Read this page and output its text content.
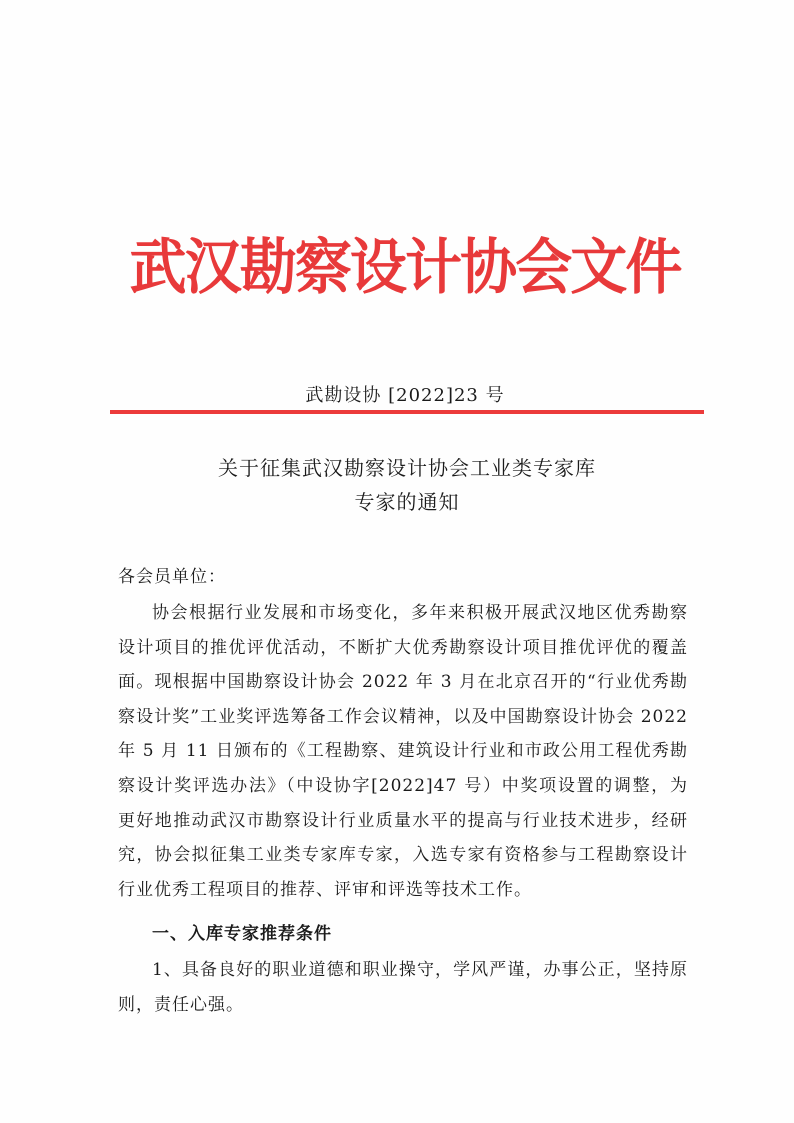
武汉勘察设计协会文件
武勘设协 [2022]23 号
关于征集武汉勘察设计协会工业类专家库
专家的通知
各会员单位：

协会根据行业发展和市场变化，多年来积极开展武汉地区优秀勘察设计项目的推优评优活动，不断扩大优秀勘察设计项目推优评优的覆盖面。现根据中国勘察设计协会 2022 年 3 月在北京召开的“行业优秀勘察设计奖”工业奖评选筹备工作会议精神，以及中国勘察设计协会 2022 年 5 月 11 日颁布的《工程勘察、建筑设计行业和市政公用工程优秀勘察设计奖评选办法》（中设协字[2022]47 号）中奖项设置的调整，为更好地推动武汉市勘察设计行业质量水平的提高与行业技术进步，经研究，协会拟征集工业类专家库专家，入选专家有资格参与工程勘察设计行业优秀工程项目的推荐、评审和评选等技术工作。

一、入库专家推荐条件

1、具备良好的职业道德和职业操守，学风严谨，办事公正，坚持原则，责任心强。
